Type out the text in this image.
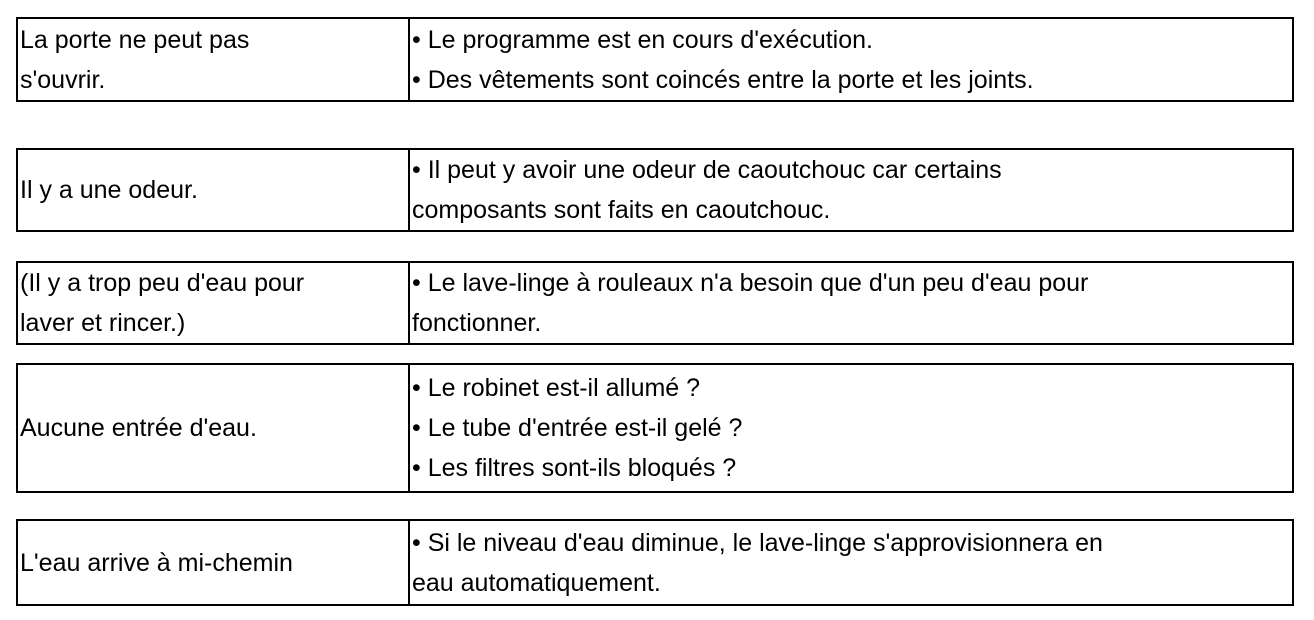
La porte ne peut pas
s'ouvrir.

• Le programme est en cours d'exécution.
• Des vêtements sont coincés entre la porte et les joints.
Il y a une odeur.

• Il peut y avoir une odeur de caoutchouc car certains
composants sont faits en caoutchouc.
(Il y a trop peu d'eau pour
laver et rincer.)

• Le lave-linge à rouleaux n'a besoin que d'un peu d'eau pour
fonctionner.
Aucune entrée d'eau.

• Le robinet est-il allumé ?
• Le tube d'entrée est-il gelé ?
• Les filtres sont-ils bloqués ?
L'eau arrive à mi-chemin

• Si le niveau d'eau diminue, le lave-linge s'approvisionnera en
eau automatiquement.
